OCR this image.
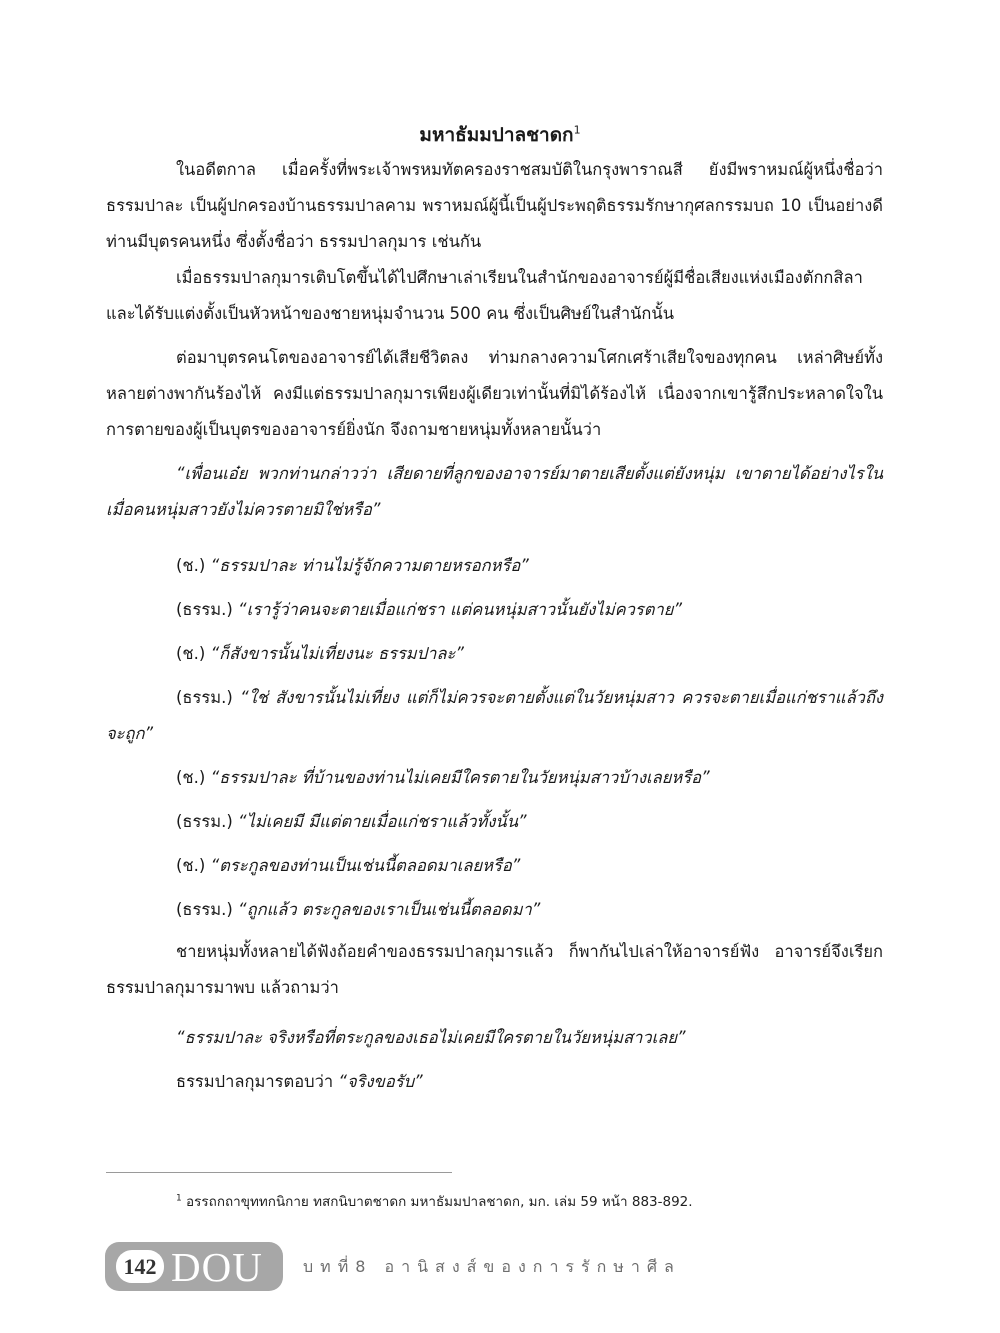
มหาธัมมปาลชาดก$^1$

ในอดีตกาล เมื่อครั้งที่พระเจ้าพรหมทัตครองราชสมบัติในกรุงพาราณสี ยังมีพราหมณ์ผู้หนึ่งชื่อว่า ธรรมปาละ เป็นผู้ปกครองบ้านธรรมปาลคาม พราหมณ์ผู้นี้เป็นผู้ประพฤติธรรมรักษากุศลกรรมบถ 10 เป็นอย่างดี ท่านมีบุตรคนหนึ่ง ซึ่งตั้งชื่อว่า ธรรมปาลกุมาร เช่นกัน

เมื่อธรรมปาลกุมารเติบโตขึ้นได้ไปศึกษาเล่าเรียนในสำนักของอาจารย์ผู้มีชื่อเสียงแห่งเมืองตักกสิลา และได้รับแต่งตั้งเป็นหัวหน้าของชายหนุ่มจำนวน 500 คน ซึ่งเป็นศิษย์ในสำนักนั้น

ต่อมาบุตรคนโตของอาจารย์ได้เสียชีวิตลง ท่ามกลางความโศกเศร้าเสียใจของทุกคน เหล่าศิษย์ทั้งหลายต่างพากันร้องไห้ คงมีแต่ธรรมปาลกุมารเพียงผู้เดียวเท่านั้นที่มิได้ร้องไห้ เนื่องจากเขารู้สึกประหลาดใจในการตายของผู้เป็นบุตรของอาจารย์ยิ่งนัก จึงถามชายหนุ่มทั้งหลายนั้นว่า

“เพื่อนเอ๋ย พวกท่านกล่าวว่า เสียดายที่ลูกของอาจารย์มาตายเสียตั้งแต่ยังหนุ่ม เขาตายได้อย่างไรในเมื่อคนหนุ่มสาวยังไม่ควรตายมิใช่หรือ”

(ช.) “ธรรมปาละ ท่านไม่รู้จักความตายหรอกหรือ”

(ธรรม.) “เรารู้ว่าคนจะตายเมื่อแก่ชรา แต่คนหนุ่มสาวนั้นยังไม่ควรตาย”

(ช.) “ก็สังขารนั้นไม่เที่ยงนะ ธรรมปาละ”

(ธรรม.) “ใช่ สังขารนั้นไม่เที่ยง แต่ก็ไม่ควรจะตายตั้งแต่ในวัยหนุ่มสาว ควรจะตายเมื่อแก่ชราแล้วถึงจะถูก”

(ช.) “ธรรมปาละ ที่บ้านของท่านไม่เคยมีใครตายในวัยหนุ่มสาวบ้างเลยหรือ”

(ธรรม.) “ไม่เคยมี มีแต่ตายเมื่อแก่ชราแล้วทั้งนั้น”

(ช.) “ตระกูลของท่านเป็นเช่นนี้ตลอดมาเลยหรือ”

(ธรรม.) “ถูกแล้ว ตระกูลของเราเป็นเช่นนี้ตลอดมา”

ชายหนุ่มทั้งหลายได้ฟังถ้อยคำของธรรมปาลกุมารแล้ว ก็พากันไปเล่าให้อาจารย์ฟัง อาจารย์จึงเรียกธรรมปาลกุมารมาพบ แล้วถามว่า

“ธรรมปาละ จริงหรือที่ตระกูลของเธอไม่เคยมีใครตายในวัยหนุ่มสาวเลย”

ธรรมปาลกุมารตอบว่า “จริงขอรับ”

$^1$ อรรถกถาขุททกนิกาย ทสกนิบาตชาดก มหาธัมมปาลชาดก, มก. เล่ม 59 หน้า 883-892.
142 DOU	บทที่8 อานิสงส์ของการรักษาศีล
